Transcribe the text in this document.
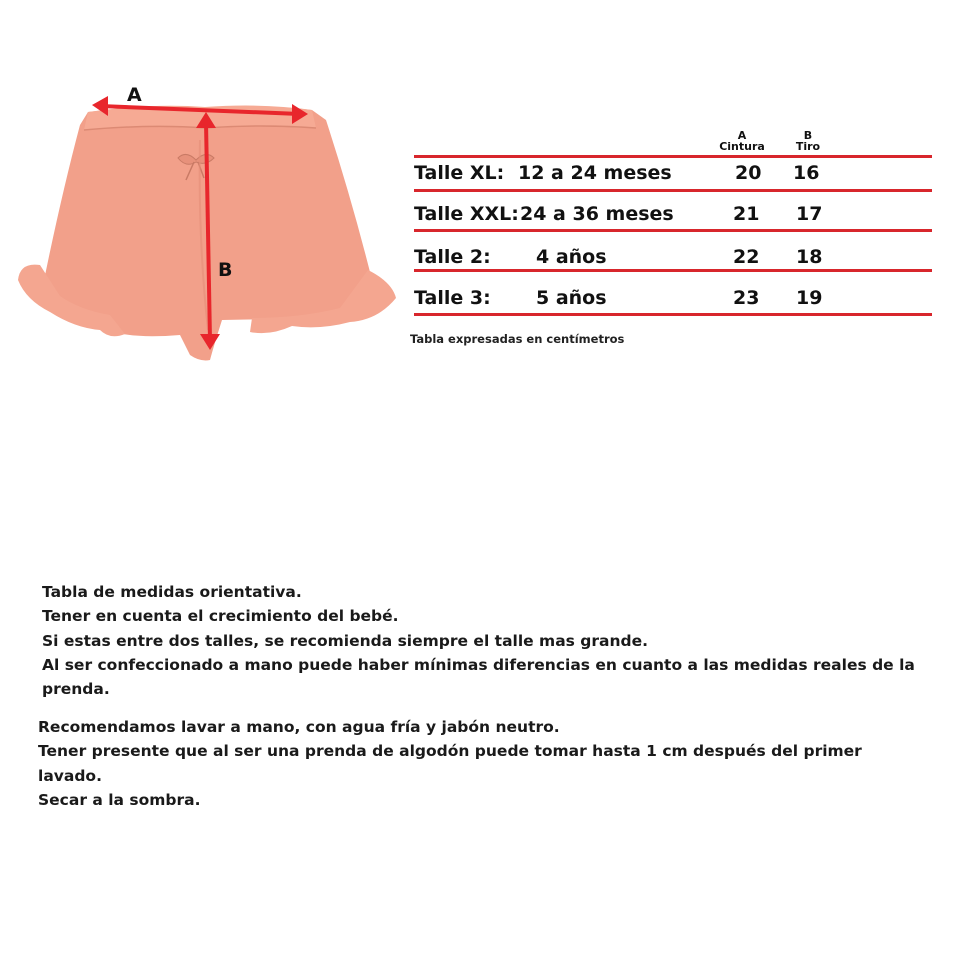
A
B
A
Cintura
B
Tiro
Talle XL: 12 a 24 meses	20 16
Talle XXL: 24 a 36 meses	21 17
Talle 2: 4 años	22 18
Talle 3: 5 años	23 19
Tabla expresadas en centímetros
Tabla de medidas orientativa.
Tener en cuenta el crecimiento del bebé.
Si estas entre dos talles, se recomienda siempre el talle mas grande.
Al ser confeccionado a mano puede haber mínimas diferencias en cuanto a las medidas reales de la
prenda.
Recomendamos lavar a mano, con agua fría y jabón neutro.
Tener presente que al ser una prenda de algodón puede tomar hasta 1 cm después del primer
lavado.
Secar a la sombra.
